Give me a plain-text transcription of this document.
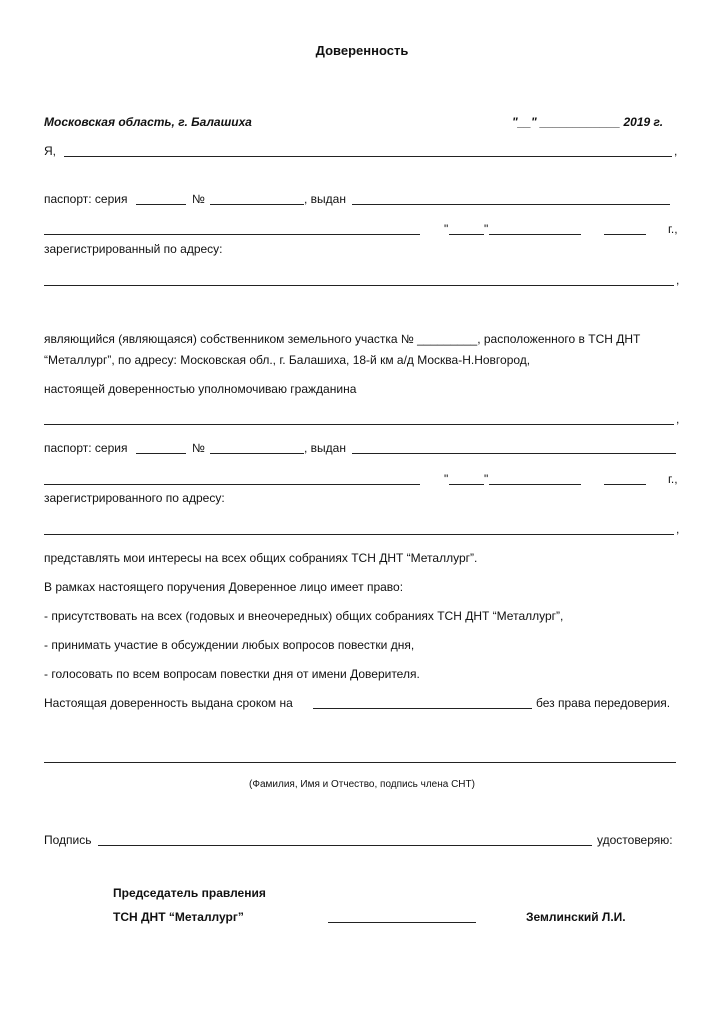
Доверенность
Московская область, г. Балашиха	"__" ____________ 2019 г.
Я,	,
паспорт: серия	№	, выдан
"	"	г.,
зарегистрированный по адресу:
,
являющийся (являющаяся) собственником земельного участка № _________, расположенного в ТСН ДНТ
“Металлург”, по адресу: Московская обл., г. Балашиха, 18-й км а/д Москва-Н.Новгород,
настоящей доверенностью уполномочиваю гражданина
,
паспорт: серия	№	, выдан
"	"	г.,
зарегистрированного по адресу:
,
представлять мои интересы на всех общих собраниях ТСН ДНТ “Металлург”.
В рамках настоящего поручения Доверенное лицо имеет право:
- присутствовать на всех (годовых и внеочередных) общих собраниях ТСН ДНТ “Металлург”,
- принимать участие в обсуждении любых вопросов повестки дня,
- голосовать по всем вопросам повестки дня от имени Доверителя.
Настоящая доверенность выдана сроком на	без права передоверия.
(Фамилия, Имя и Отчество, подпись члена СНТ)
Подпись	удостоверяю:
Председатель правления
ТСН ДНТ “Металлург”	Землинский Л.И.
